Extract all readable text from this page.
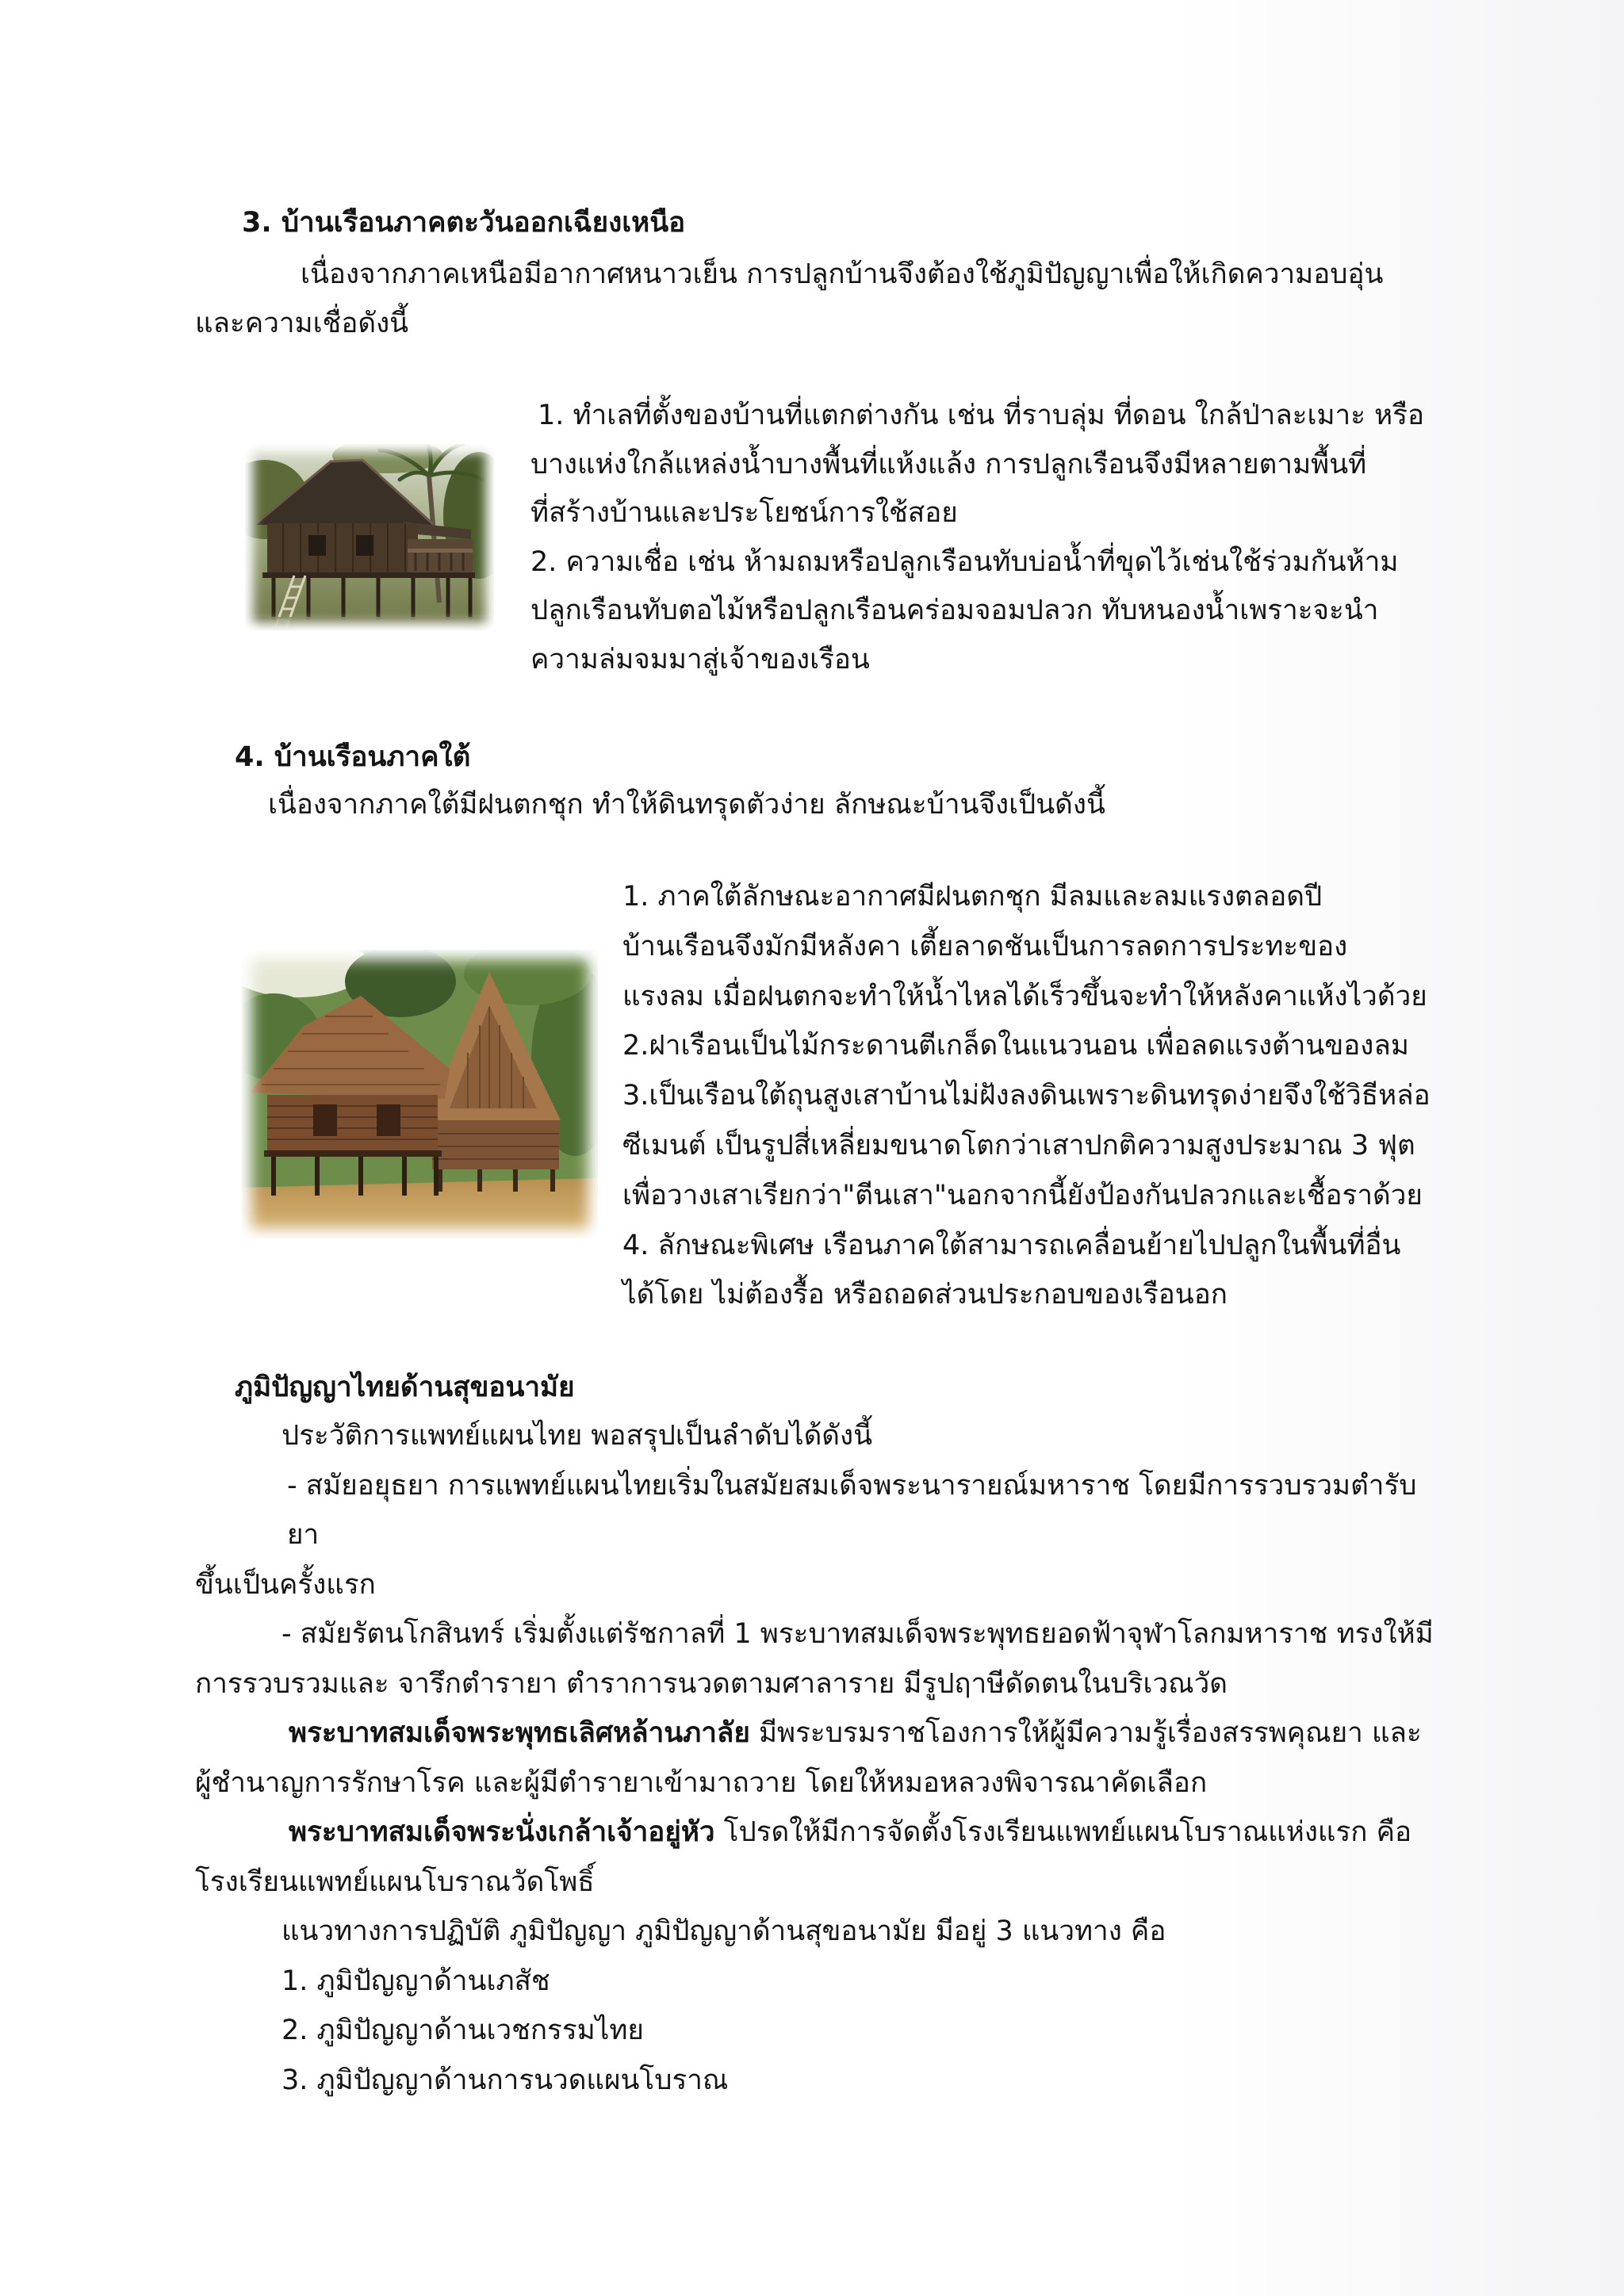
3. บ้านเรือนภาคตะวันออกเฉียงเหนือ
เนื่องจากภาคเหนือมีอากาศหนาวเย็น การปลูกบ้านจึงต้องใช้ภูมิปัญญาเพื่อให้เกิดความอบอุ่น
และความเชื่อดังนี้
1. ทำเลที่ตั้งของบ้านที่แตกต่างกัน เช่น ที่ราบลุ่ม ที่ดอน ใกล้ป่าละเมาะ หรือ
บางแห่งใกล้แหล่งน้ำบางพื้นที่แห้งแล้ง การปลูกเรือนจึงมีหลายตามพื้นที่
ที่สร้างบ้านและประโยชน์การใช้สอย
2. ความเชื่อ เช่น ห้ามถมหรือปลูกเรือนทับบ่อน้ำที่ขุดไว้เช่นใช้ร่วมกันห้าม
ปลูกเรือนทับตอไม้หรือปลูกเรือนคร่อมจอมปลวก ทับหนองน้ำเพราะจะนำ
ความล่มจมมาสู่เจ้าของเรือน
4. บ้านเรือนภาคใต้
เนื่องจากภาคใต้มีฝนตกชุก ทำให้ดินทรุดตัวง่าย ลักษณะบ้านจึงเป็นดังนี้
1. ภาคใต้ลักษณะอากาศมีฝนตกชุก มีลมและลมแรงตลอดปี
บ้านเรือนจึงมักมีหลังคา เตี้ยลาดชันเป็นการลดการประทะของ
แรงลม เมื่อฝนตกจะทำให้น้ำไหลได้เร็วขึ้นจะทำให้หลังคาแห้งไวด้วย
2.ฝาเรือนเป็นไม้กระดานตีเกล็ดในแนวนอน เพื่อลดแรงต้านของลม
3.เป็นเรือนใต้ถุนสูงเสาบ้านไม่ฝังลงดินเพราะดินทรุดง่ายจึงใช้วิธีหล่อ
ซีเมนต์ เป็นรูปสี่เหลี่ยมขนาดโตกว่าเสาปกติความสูงประมาณ 3 ฟุต
เพื่อวางเสาเรียกว่า"ตีนเสา"นอกจากนี้ยังป้องกันปลวกและเชื้อราด้วย
4. ลักษณะพิเศษ เรือนภาคใต้สามารถเคลื่อนย้ายไปปลูกในพื้นที่อื่น
ได้โดย ไม่ต้องรื้อ หรือถอดส่วนประกอบของเรือนอก
ภูมิปัญญาไทยด้านสุขอนามัย
ประวัติการแพทย์แผนไทย พอสรุปเป็นลำดับได้ดังนี้
- สมัยอยุธยา การแพทย์แผนไทยเริ่มในสมัยสมเด็จพระนารายณ์มหาราช โดยมีการรวบรวมตำรับยา
ขึ้นเป็นครั้งแรก
- สมัยรัตนโกสินทร์ เริ่มตั้งแต่รัชกาลที่ 1 พระบาทสมเด็จพระพุทธยอดฟ้าจุฬาโลกมหาราช ทรงให้มี
การรวบรวมและ จารึกตำรายา ตำราการนวดตามศาลาราย มีรูปฤาษีดัดตนในบริเวณวัด
พระบาทสมเด็จพระพุทธเลิศหล้านภาลัย มีพระบรมราชโองการให้ผู้มีความรู้เรื่องสรรพคุณยา และ
ผู้ชำนาญการรักษาโรค และผู้มีตำรายาเข้ามาถวาย โดยให้หมอหลวงพิจารณาคัดเลือก
พระบาทสมเด็จพระนั่งเกล้าเจ้าอยู่หัว โปรดให้มีการจัดตั้งโรงเรียนแพทย์แผนโบราณแห่งแรก คือ
โรงเรียนแพทย์แผนโบราณวัดโพธิ์
แนวทางการปฏิบัติ ภูมิปัญญา ภูมิปัญญาด้านสุขอนามัย มีอยู่ 3 แนวทาง คือ
1. ภูมิปัญญาด้านเภสัช
2. ภูมิปัญญาด้านเวชกรรมไทย
3. ภูมิปัญญาด้านการนวดแผนโบราณ
